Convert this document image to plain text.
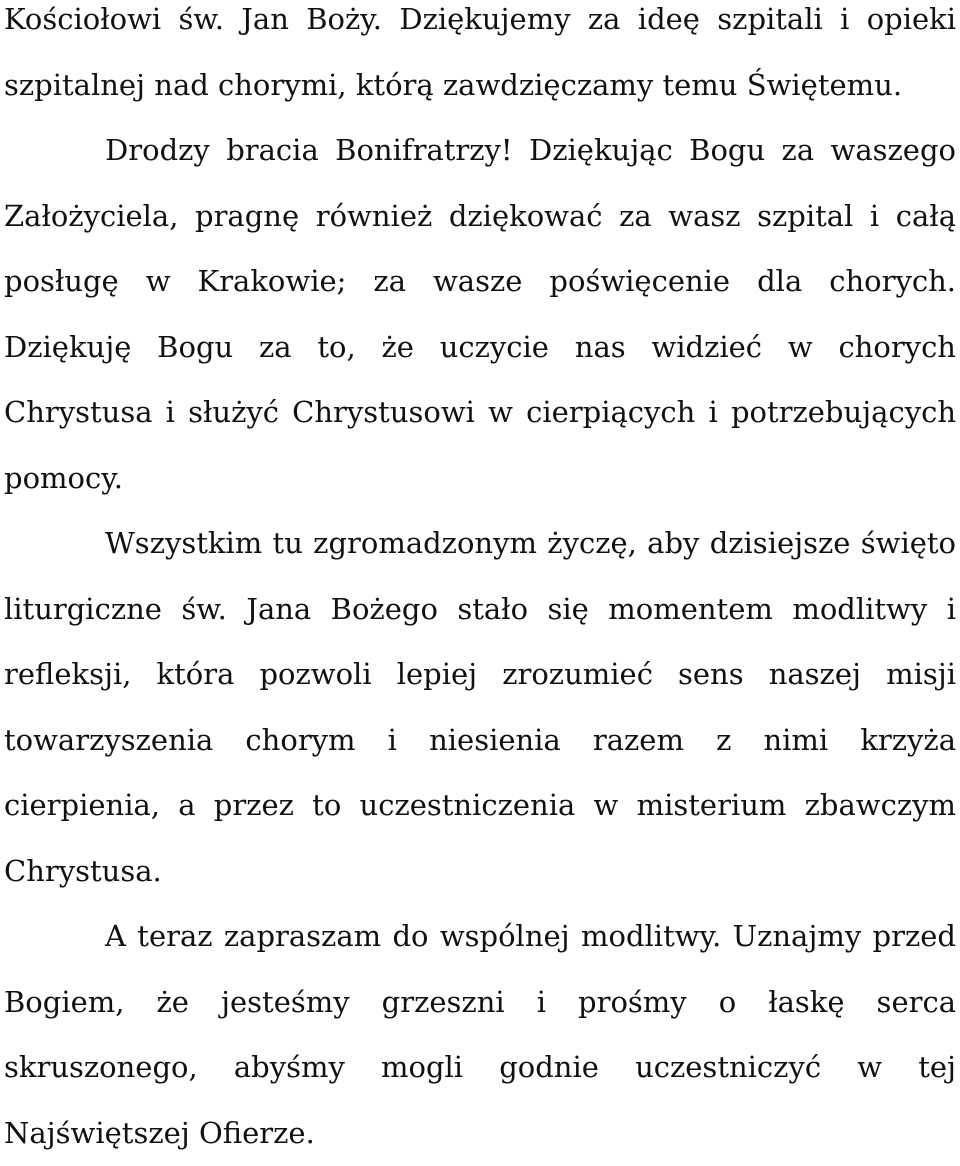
Kościołowi św. Jan Boży. Dziękujemy za ideę szpitali i opieki szpitalnej nad chorymi, którą zawdzięczamy temu Świętemu.

Drodzy bracia Bonifratrzy! Dziękując Bogu za waszego Założyciela, pragnę również dziękować za wasz szpital i całą posługę w Krakowie; za wasze poświęcenie dla chorych. Dziękuję Bogu za to, że uczycie nas widzieć w chorych Chrystusa i służyć Chrystusowi w cierpiących i potrzebujących pomocy.

Wszystkim tu zgromadzonym życzę, aby dzisiejsze święto liturgiczne św. Jana Bożego stało się momentem modlitwy i refleksji, która pozwoli lepiej zrozumieć sens naszej misji towarzyszenia chorym i niesienia razem z nimi krzyża cierpienia, a przez to uczestniczenia w misterium zbawczym Chrystusa.

A teraz zapraszam do wspólnej modlitwy. Uznajmy przed Bogiem, że jesteśmy grzeszni i prośmy o łaskę serca skruszonego, abyśmy mogli godnie uczestniczyć w tej Najświętszej Ofierze.
